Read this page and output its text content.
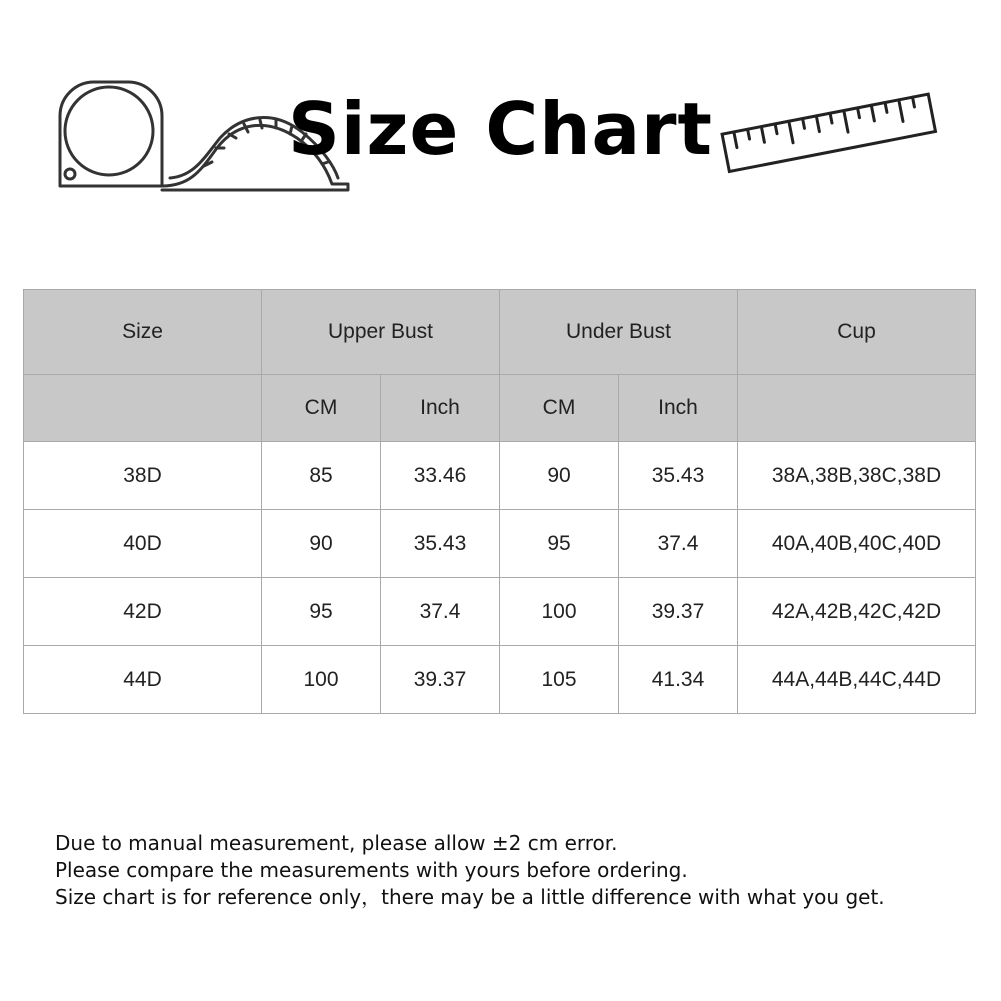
Size Chart
Size	Upper Bust		Under Bust		Cup
	CM	Inch	CM	Inch	
38D	85	33.46	90	35.43	38A,38B,38C,38D
40D	90	35.43	95	37.4	40A,40B,40C,40D
42D	95	37.4	100	39.37	42A,42B,42C,42D
44D	100	39.37	105	41.34	44A,44B,44C,44D

Due to manual measurement, please allow ±2 cm error.

Please compare the measurements with yours before ordering.

Size chart is for reference only，there may be a little difference with what you get.
